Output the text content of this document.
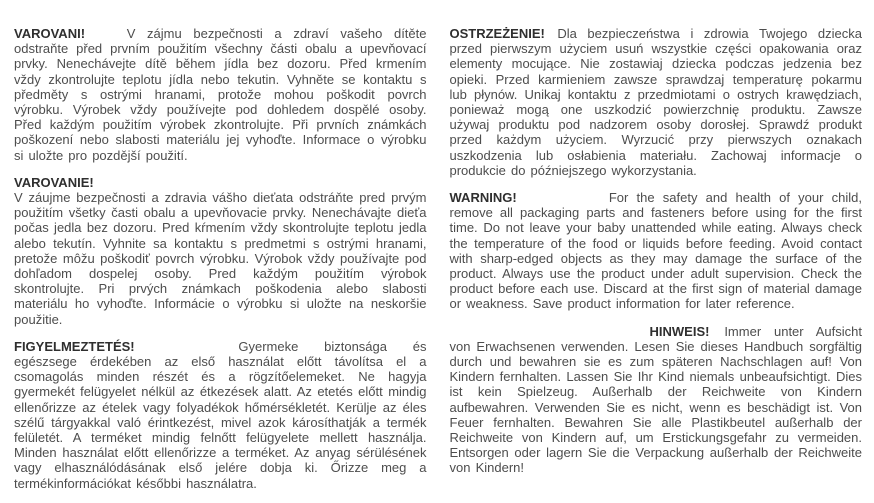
VAROVANI!	V zájmu bezpečnosti a zdraví vašeho dítěte odstraňte před prvním použitím všechny části obalu a upevňovací prvky. Nenechávejte dítě během jídla bez dozoru. Před krmením vždy zkontrolujte teplotu jídla nebo tekutin. Vyhněte se kontaktu s předměty s ostrými hranami, protože mohou poškodit povrch výrobku. Výrobek vždy používejte pod dohledem dospělé osoby. Před každým použitím výrobek zkontrolujte. Při prvních známkách poškození nebo slabosti materiálu jej vyhoďte. Informace o výrobku si uložte pro pozdější použití.

VAROVANIE!

V záujme bezpečnosti a zdravia vášho dieťata odstráňte pred prvým použitím všetky časti obalu a upevňovacie prvky. Nenechávajte dieťa počas jedla bez dozoru. Pred kŕmením vždy skontrolujte teplotu jedla alebo tekutín. Vyhnite sa kontaktu s predmetmi s ostrými hranami, pretože môžu poškodiť povrch výrobku. Výrobok vždy používajte pod dohľadom dospelej osoby. Pred každým použitím výrobok skontrolujte. Pri prvých známkach poškodenia alebo slabosti materiálu ho vyhoďte. Informácie o výrobku si uložte na neskoršie použitie.

FIGYELMEZTETÉS!	Gyermeke biztonsága és egészsege érdekében az első használat előtt távolítsa el a csomagolás minden részét és a rögzítőelemeket. Ne hagyja gyermekét felügyelet nélkül az étkezések alatt. Az etetés előtt mindig ellenőrizze az ételek vagy folyadékok hőmérsékletét. Kerülje az éles szélű tárgyakkal való érintkezést, mivel azok károsíthatják a termék felületét. A terméket mindig felnőtt felügyelete mellett használja. Minden használat előtt ellenőrizze a terméket. Az anyag sérülésének vagy elhasználódásának első jelére dobja ki. Őrizze meg a termékinformációkat későbbi használatra.

OSTRZEŻENIE! Dla bezpieczeństwa i zdrowia Twojego dziecka przed pierwszym użyciem usuń wszystkie części opakowania oraz elementy mocujące. Nie zostawiaj dziecka podczas jedzenia bez opieki. Przed karmieniem zawsze sprawdzaj temperaturę pokarmu lub płynów. Unikaj kontaktu z przedmiotami o ostrych krawędziach, ponieważ mogą one uszkodzić powierzchnię produktu. Zawsze używaj produktu pod nadzorem osoby dorosłej. Sprawdź produkt przed każdym użyciem. Wyrzucić przy pierwszych oznakach uszkodzenia lub osłabienia materiału. Zachowaj informacje o produkcie do późniejszego wykorzystania.

WARNING!	For the safety and health of your child, remove all packaging parts and fasteners before using for the first time. Do not leave your baby unattended while eating. Always check the temperature of the food or liquids before feeding. Avoid contact with sharp-edged objects as they may damage the surface of the product. Always use the product under adult supervision. Check the product before each use. Discard at the first sign of material damage or weakness. Save product information for later reference.

HINWEIS! Immer unter Aufsicht von Erwachsenen verwenden. Lesen Sie dieses Handbuch sorgfältig durch und bewahren sie es zum späteren Nachschlagen auf! Von Kindern fernhalten. Lassen Sie Ihr Kind niemals unbeaufsichtigt. Dies ist kein Spielzeug. Außerhalb der Reichweite von Kindern aufbewahren. Verwenden Sie es nicht, wenn es beschädigt ist. Von Feuer fernhalten. Bewahren Sie alle Plastikbeutel außerhalb der Reichweite von Kindern auf, um Erstickungsgefahr zu vermeiden. Entsorgen oder lagern Sie die Verpackung außerhalb der Reichweite von Kindern!
